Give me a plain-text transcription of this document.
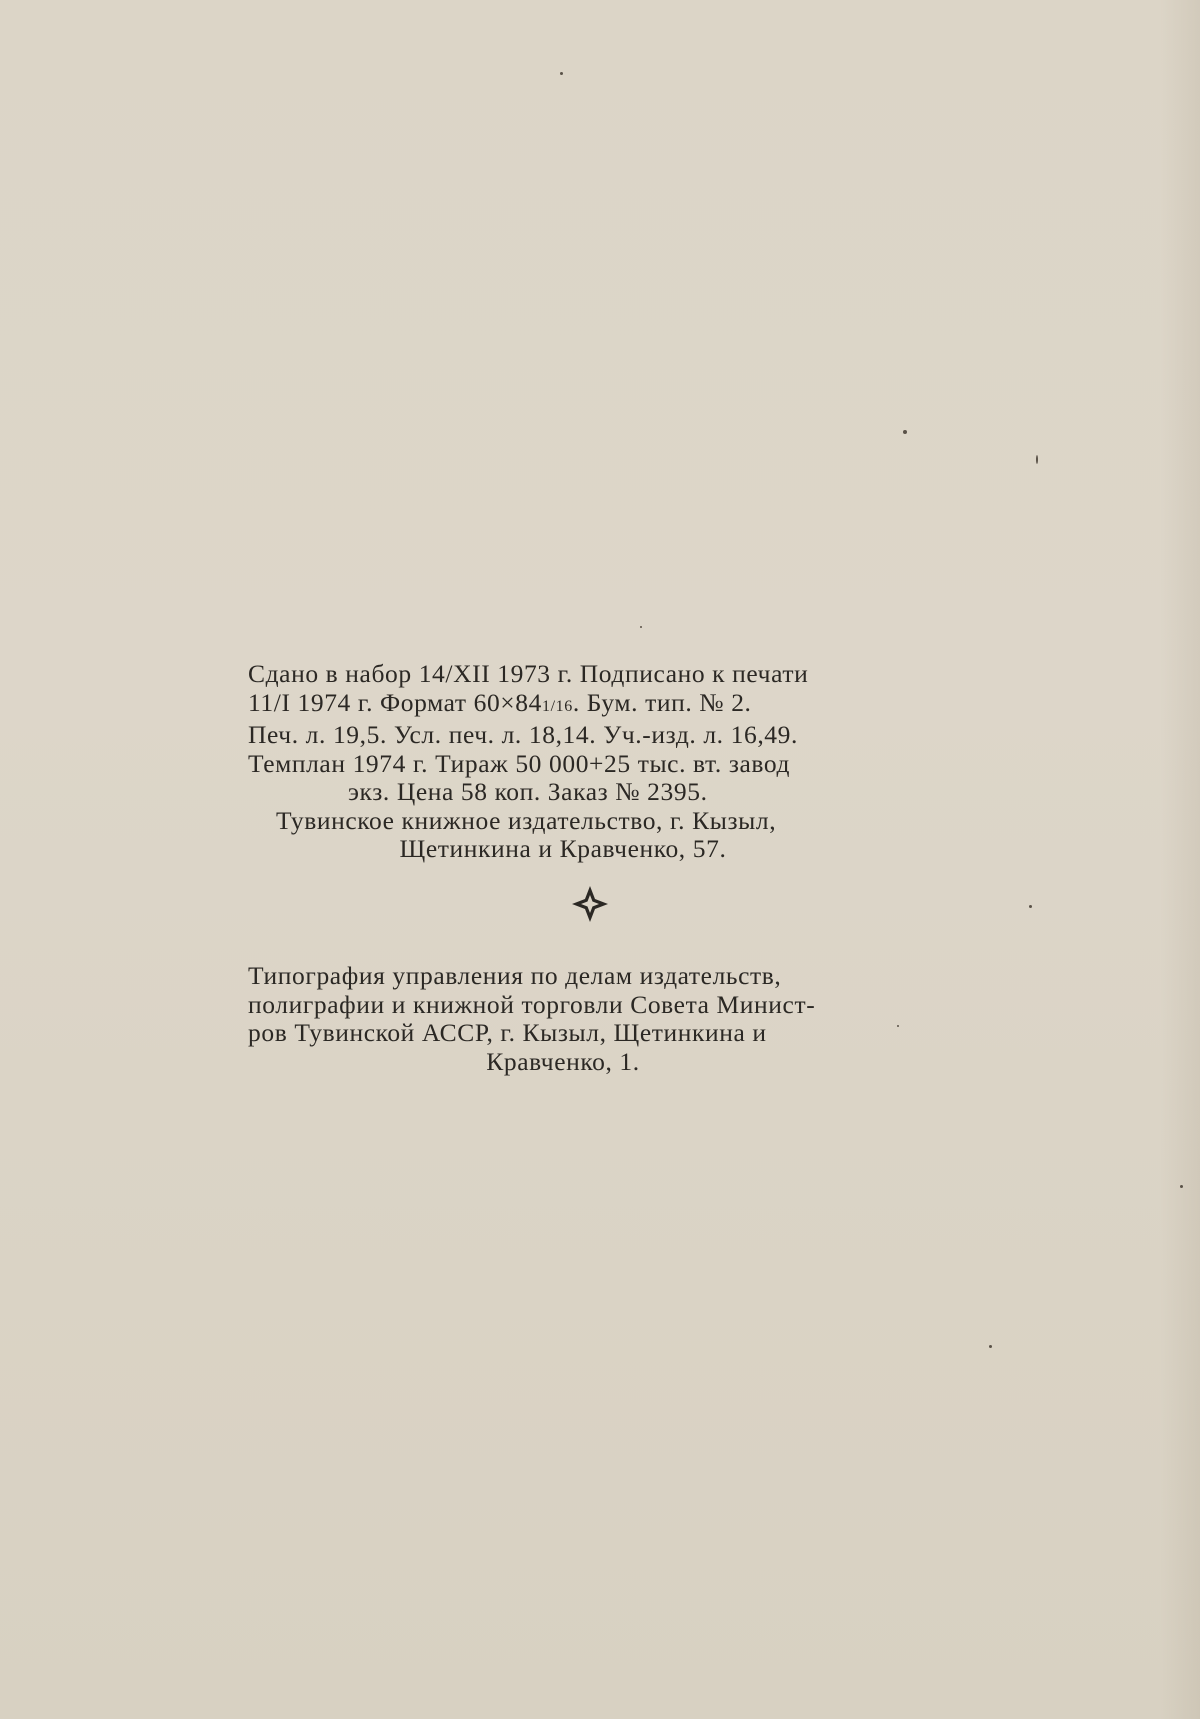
Сдано в набор 14/XII 1973 г. Подписано к печати
11/I 1974 г. Формат 60×841/16. Бум. тип. № 2.
Печ. л. 19,5. Усл. печ. л. 18,14. Уч.-изд. л. 16,49.
Темплан 1974 г. Тираж 50 000+25 тыс. вт. завод
экз. Цена 58 коп. Заказ № 2395.
Тувинское книжное издательство, г. Кызыл,
Щетинкина и Кравченко, 57.
Типография управления по делам издательств,
полиграфии и книжной торговли Совета Минист-
ров Тувинской АССР, г. Кызыл, Щетинкина и
Кравченко, 1.
